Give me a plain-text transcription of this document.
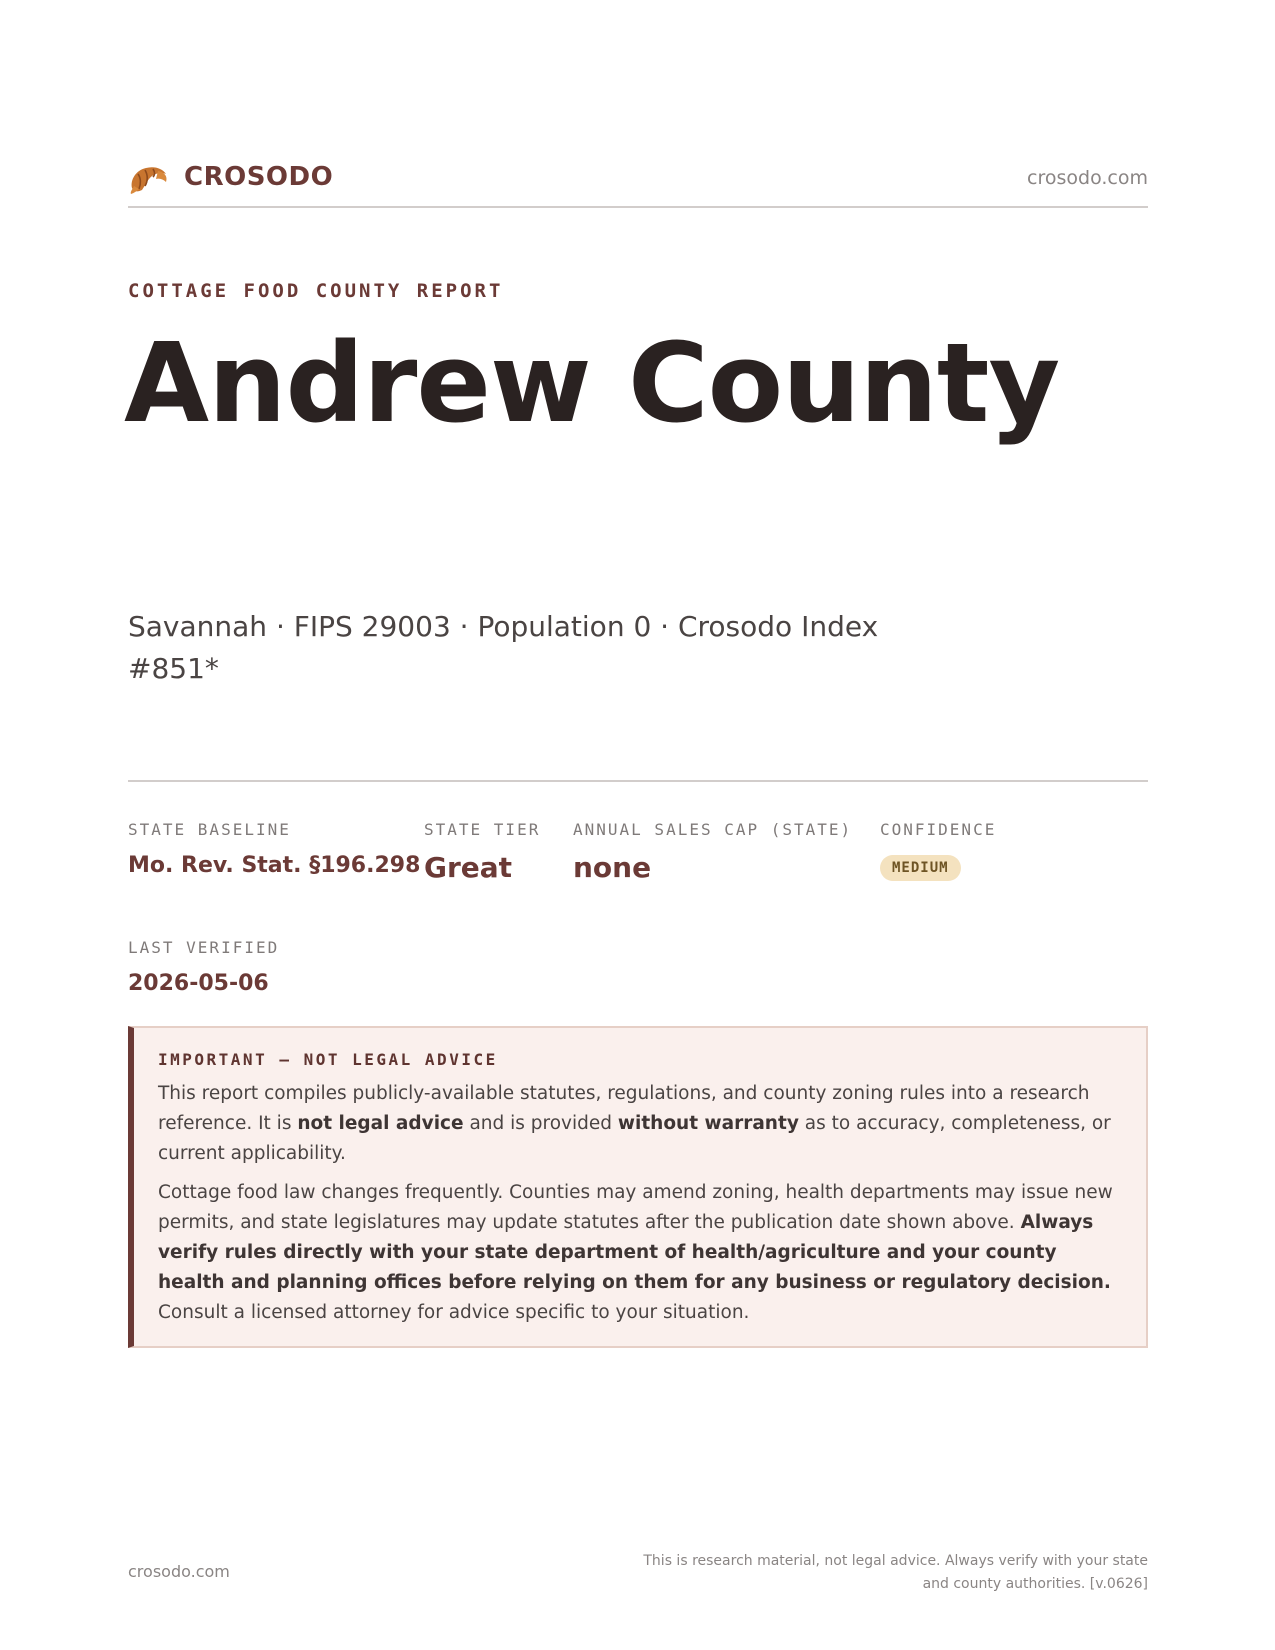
CROSODO	crosodo.com
COTTAGE FOOD COUNTY REPORT
Andrew County
Savannah · FIPS 29003 · Population 0 · Crosodo Index #851*
STATE BASELINE
Mo. Rev. Stat. §196.298
STATE TIER
Great
ANNUAL SALES CAP (STATE)
none
CONFIDENCE
MEDIUM
LAST VERIFIED
2026-05-06
IMPORTANT — NOT LEGAL ADVICE

This report compiles publicly-available statutes, regulations, and county zoning rules into a research reference. It is not legal advice and is provided without warranty as to accuracy, completeness, or current applicability.

Cottage food law changes frequently. Counties may amend zoning, health departments may issue new permits, and state legislatures may update statutes after the publication date shown above. Always verify rules directly with your state department of health/agriculture and your county health and planning offices before relying on them for any business or regulatory decision. Consult a licensed attorney for advice specific to your situation.

crosodo.com
This is research material, not legal advice. Always verify with your state
and county authorities. [v.0626]
